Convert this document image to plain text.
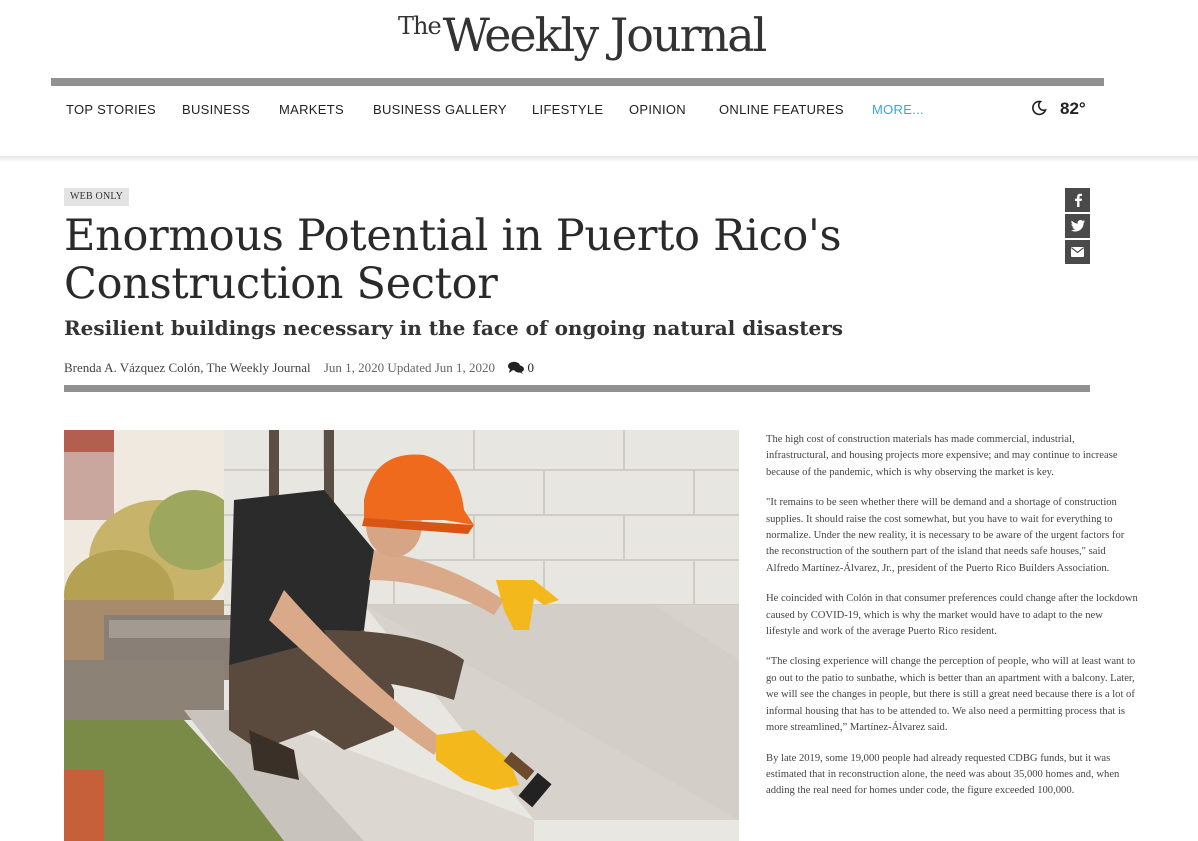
TheWeekly Journal
TOP STORIES BUSINESS MARKETS BUSINESS GALLERY LIFESTYLE OPINION	ONLINE FEATURES MORE...	82°
WEB ONLY
Enormous Potential in Puerto Rico's Construction Sector
Resilient buildings necessary in the face of ongoing natural disasters
Brenda A. Vázquez Colón, The Weekly Journal Jun 1, 2020 Updated Jun 1, 2020	0

The high cost of construction materials has made commercial, industrial, infrastructural, and housing projects more expensive; and may continue to increase because of the pandemic, which is why observing the market is key.

"It remains to be seen whether there will be demand and a shortage of construction supplies. It should raise the cost somewhat, but you have to wait for everything to normalize. Under the new reality, it is necessary to be aware of the urgent factors for the reconstruction of the southern part of the island that needs safe houses," said Alfredo Martínez-Álvarez, Jr., president of the Puerto Rico Builders Association.

He coincided with Colón in that consumer preferences could change after the lockdown caused by COVID-19, which is why the market would have to adapt to the new lifestyle and work of the average Puerto Rico resident.

“The closing experience will change the perception of people, who will at least want to go out to the patio to sunbathe, which is better than an apartment with a balcony. Later, we will see the changes in people, but there is still a great need because there is a lot of informal housing that has to be attended to. We also need a permitting process that is more streamlined,” Martínez-Álvarez said.

By late 2019, some 19,000 people had already requested CDBG funds, but it was estimated that in reconstruction alone, the need was about 35,000 homes and, when adding the real need for homes under code, the figure exceeded 100,000.
